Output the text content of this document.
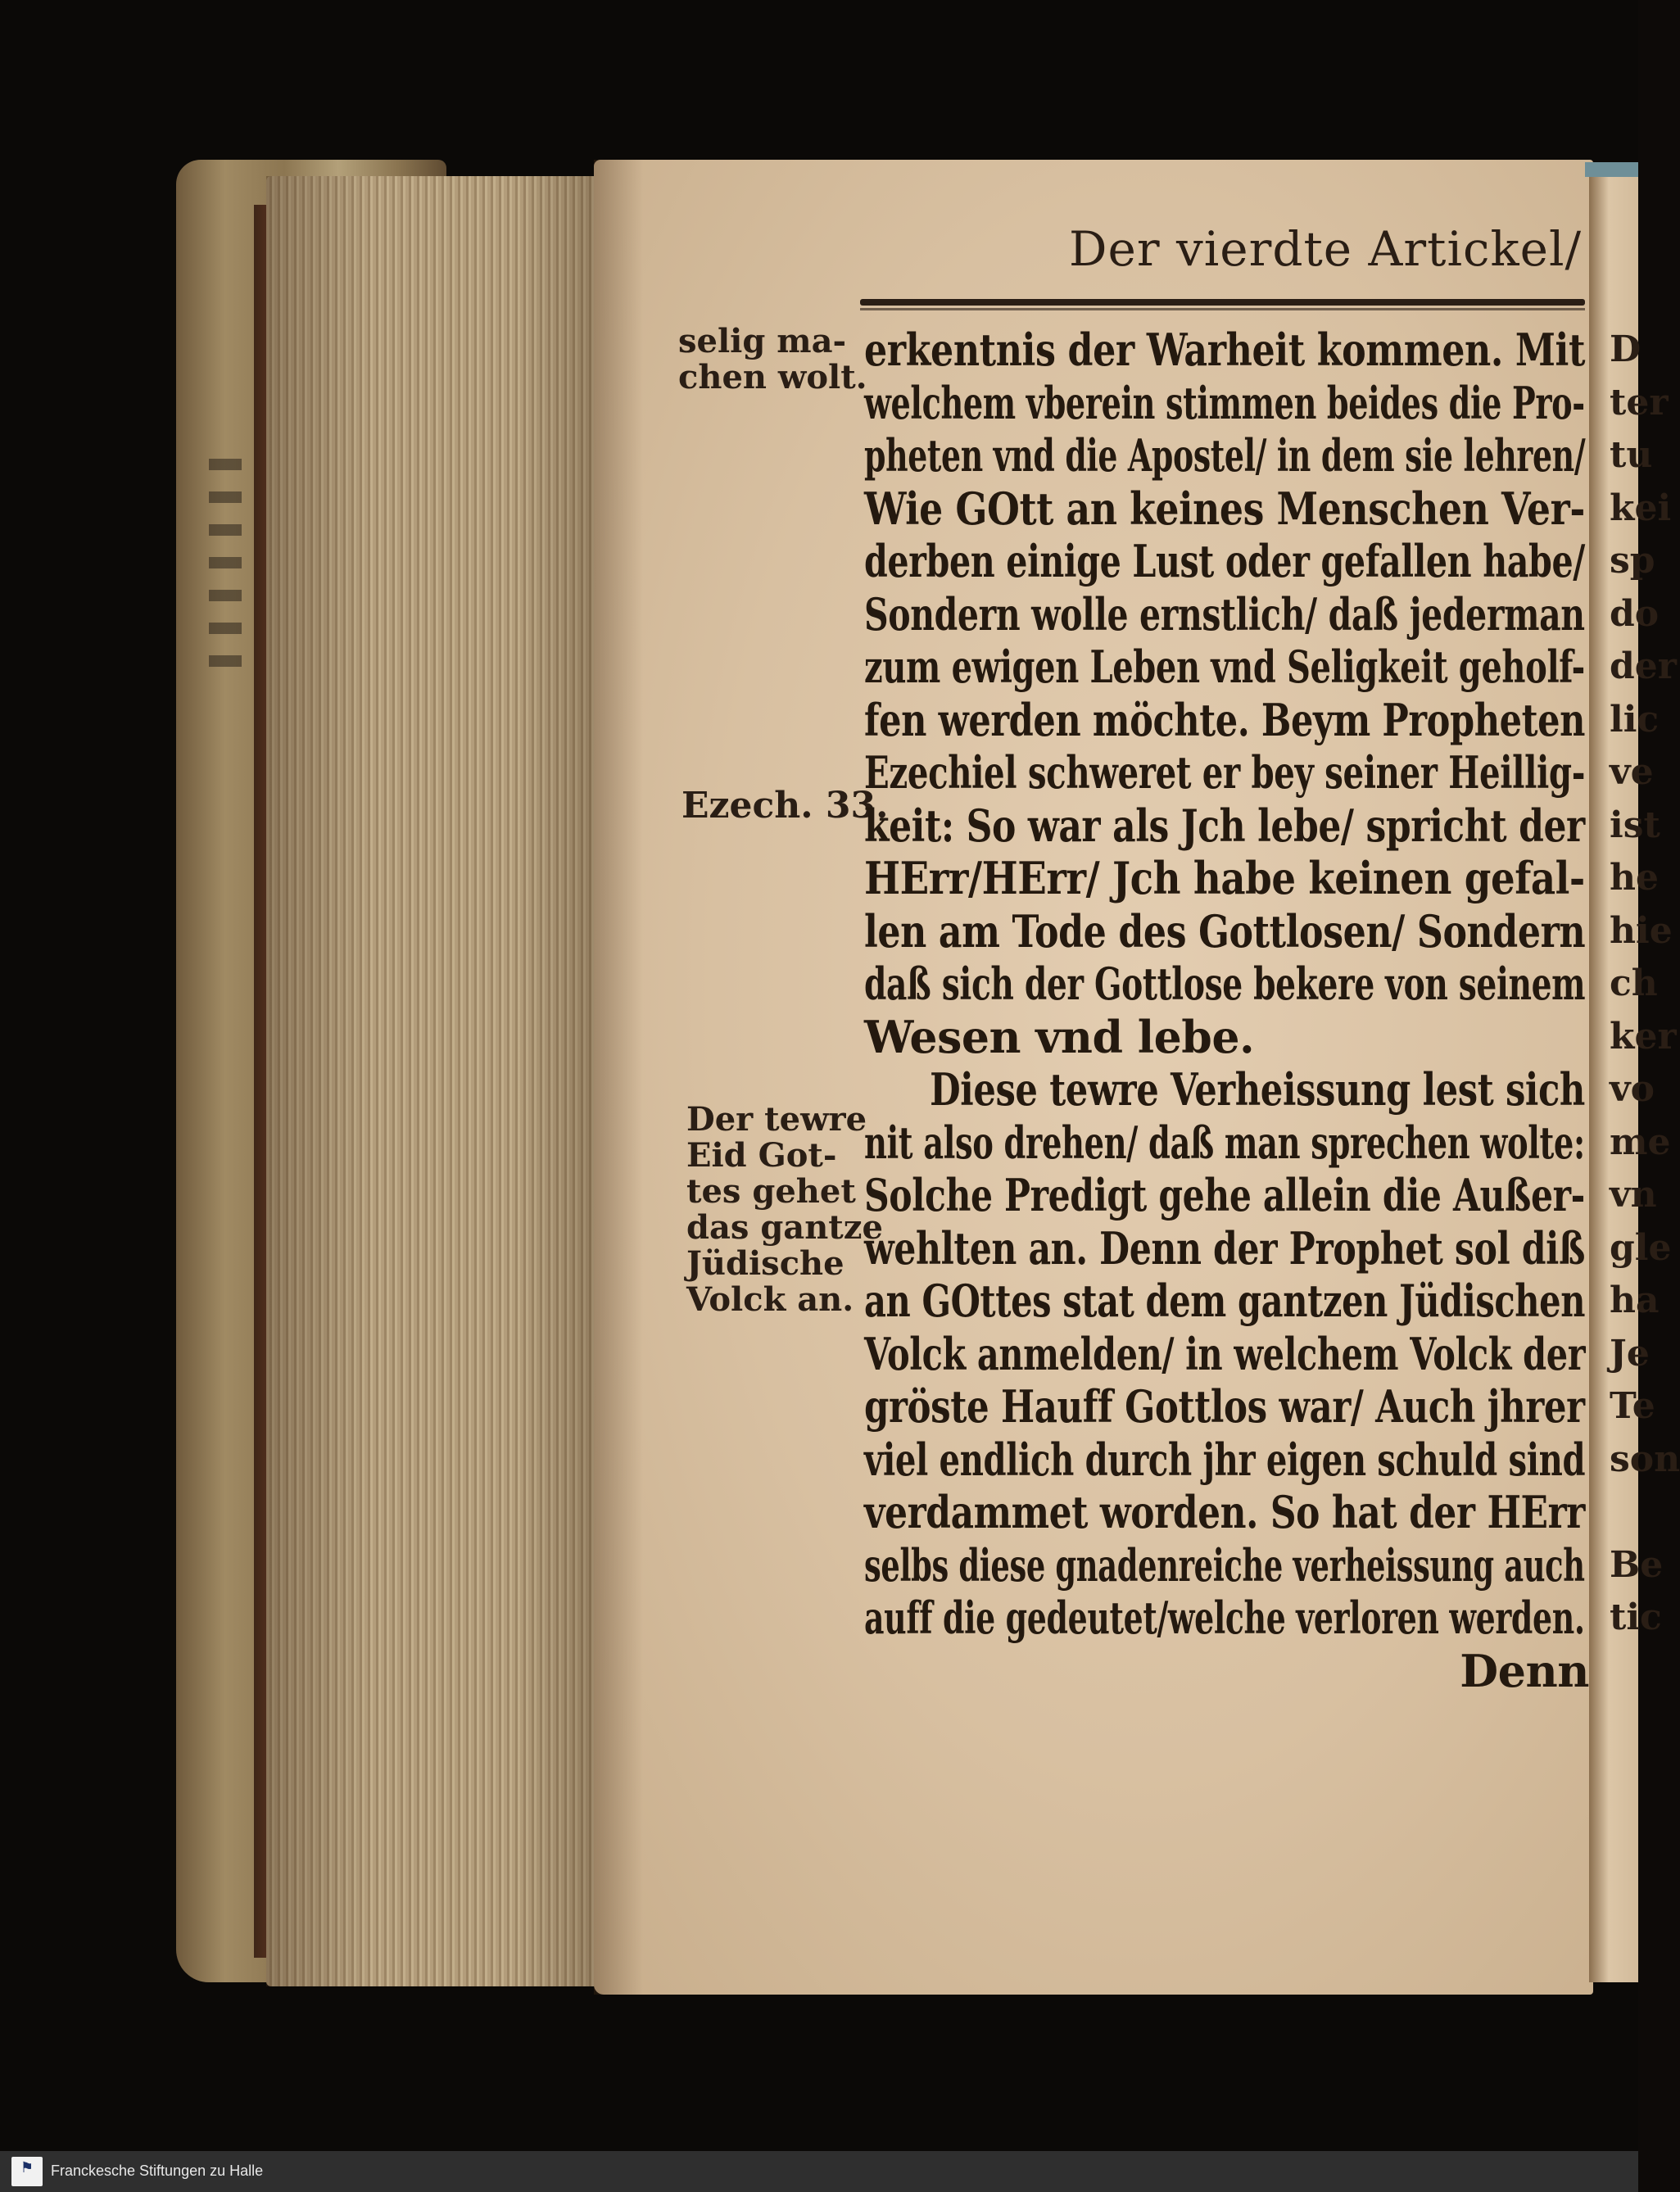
Der vierdte Artickel/
selig ma-
chen wolt.
Ezech. 33.
Der tewre
Eid Got-
tes gehet
das gantze
Jüdische
Volck an.
erkentnis der Warheit kommen. Mit
welchem vberein stimmen beides die Pro-
pheten vnd die Apostel/ in dem sie lehren/
Wie GOtt an keines Menschen Ver-
derben einige Lust oder gefallen habe/
Sondern wolle ernstlich/ daß jederman
zum ewigen Leben vnd Seligkeit geholf-
fen werden möchte. Beym Propheten
Ezechiel schweret er bey seiner Heillig-
keit: So war als Jch lebe/ spricht der
HErr/HErr/ Jch habe keinen gefal-
len am Tode des Gottlosen/ Sondern
daß sich der Gottlose bekere von seinem
Wesen vnd lebe.
Diese tewre Verheissung lest sich
nit also drehen/ daß man sprechen wolte:
Solche Predigt gehe allein die Außer-
wehlten an. Denn der Prophet sol diß
an GOttes stat dem gantzen Jüdischen
Volck anmelden/ in welchem Volck der
gröste Hauff Gottlos war/ Auch jhrer
viel endlich durch jhr eigen schuld sind
verdammet worden. So hat der HErr
selbs diese gnadenreiche verheissung auch
auff die gedeutet/welche verloren werden.
Denn
D
ter
tu
kei
sp
do
der
lic
ve
ist
he
hie
ch
ker
vo
me
vn
gle
ha
Je
Te
son
Be
tic
⚑ Franckesche Stiftungen zu Halle
